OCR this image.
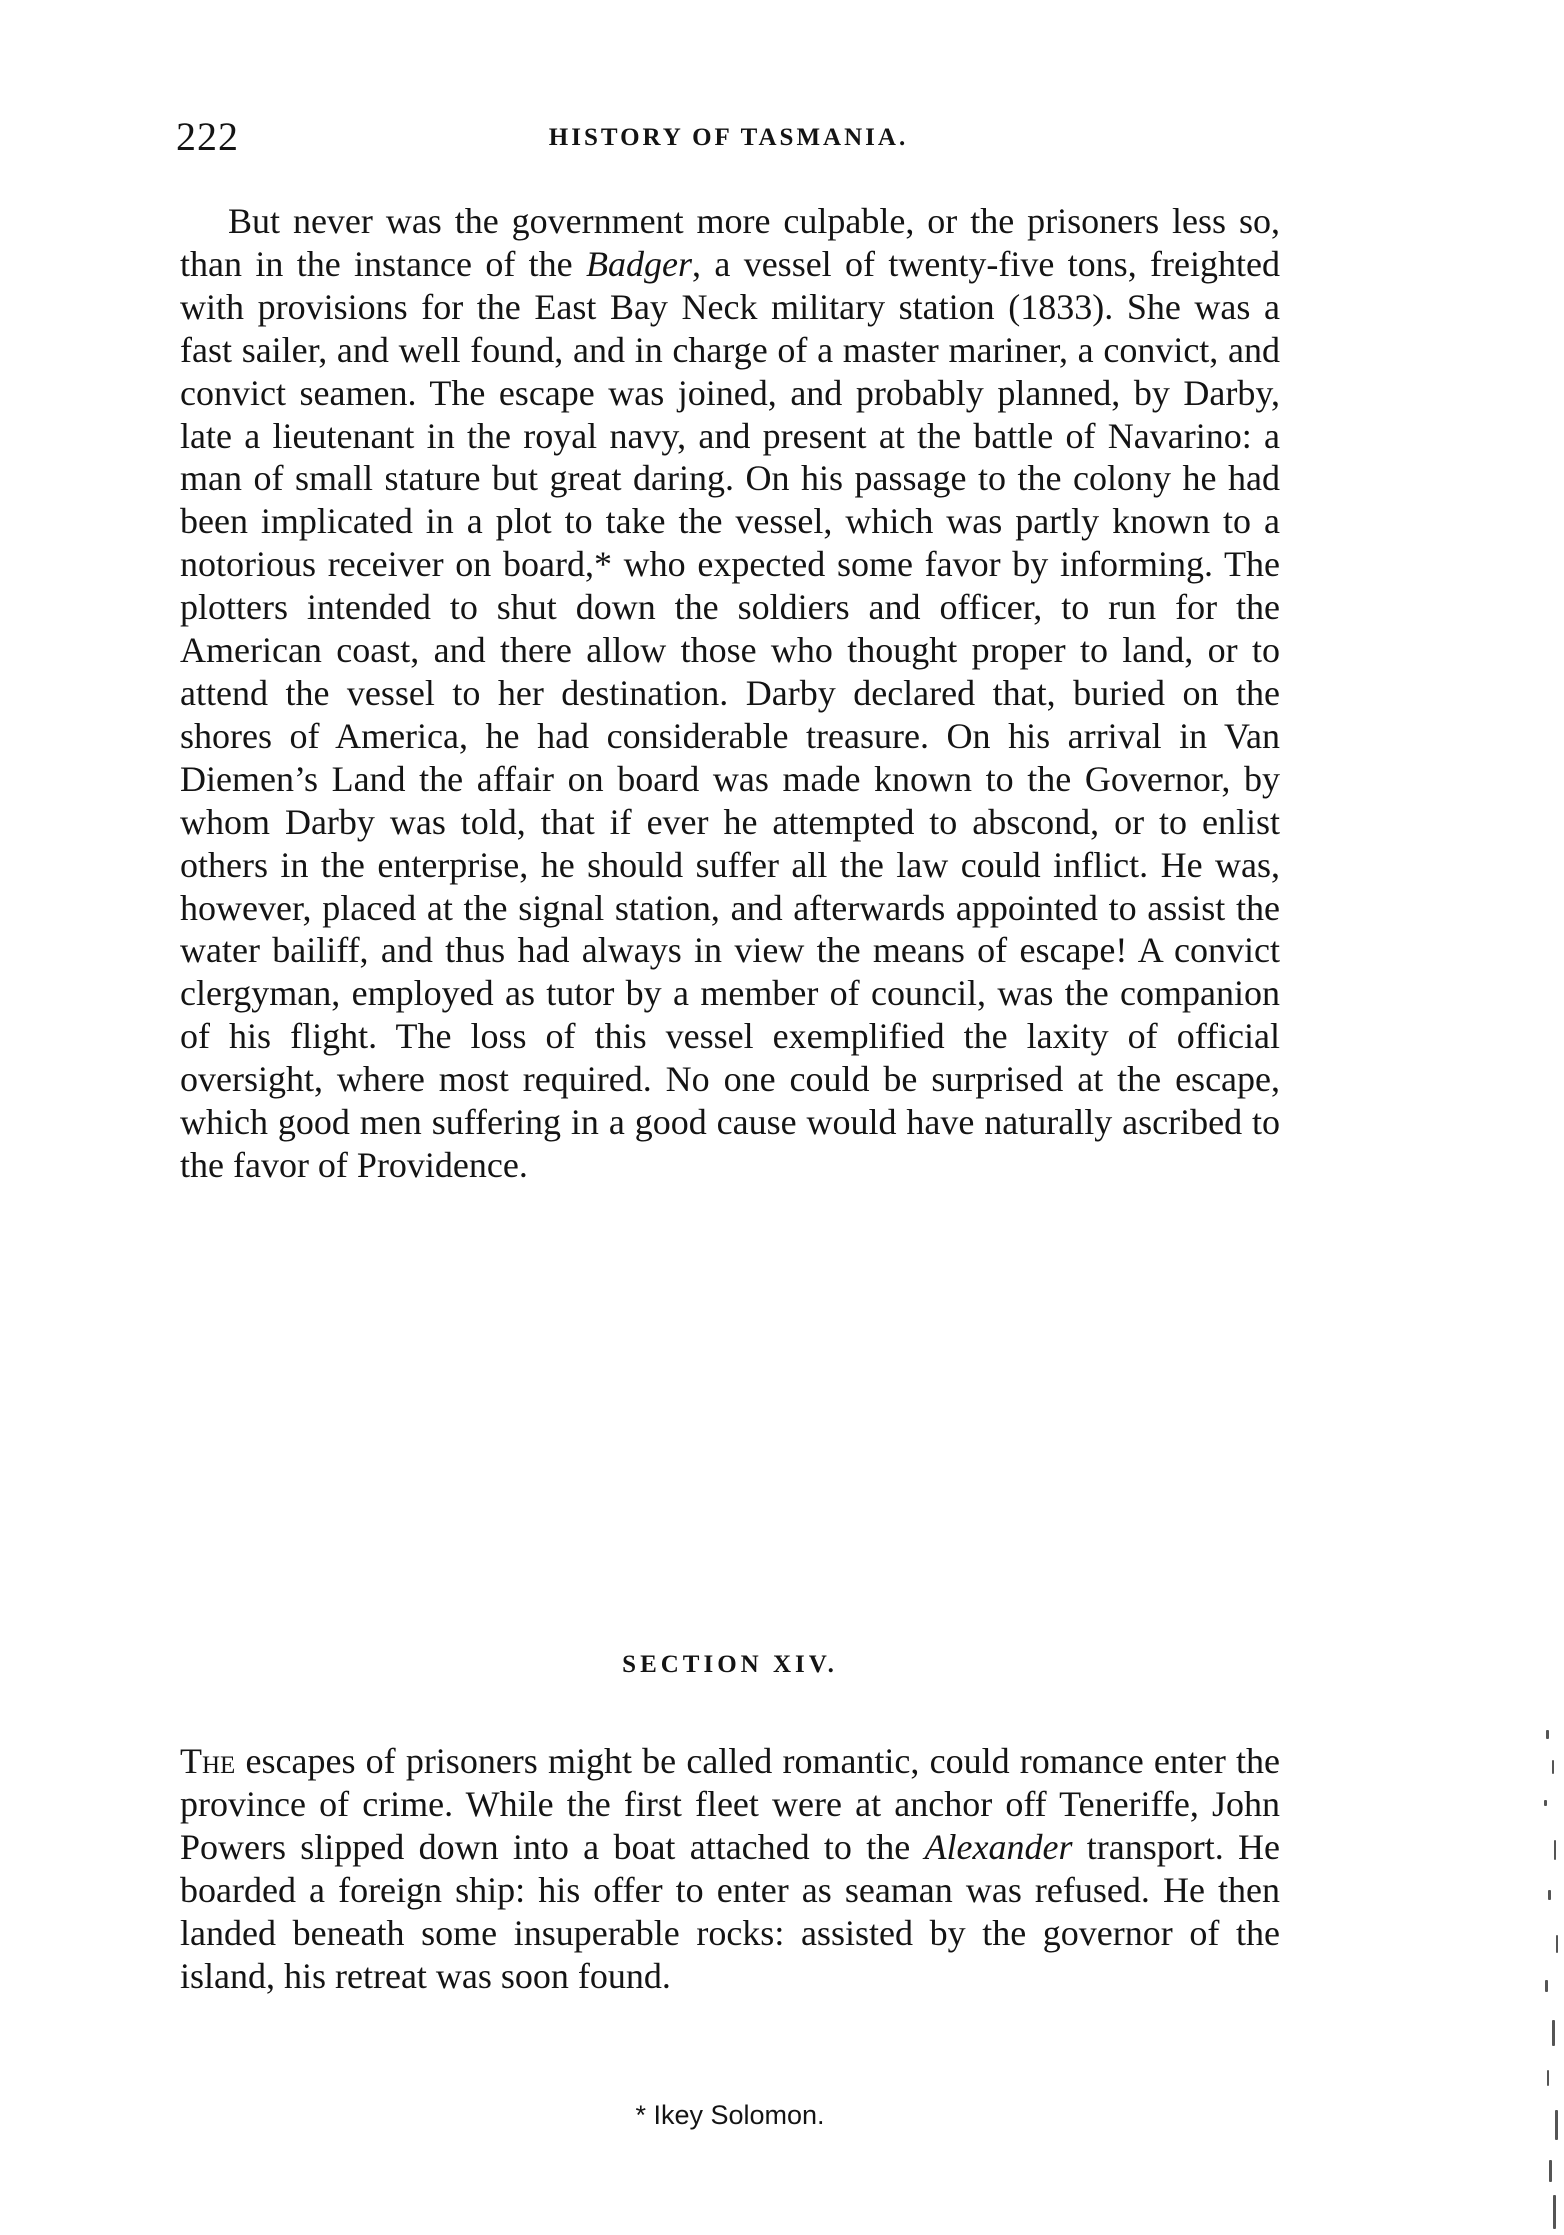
222	HISTORY OF TASMANIA.

But never was the government more culpable, or the prisoners less so, than in the instance of the Badger, a vessel of twenty-five tons, freighted with provisions for the East Bay Neck military station (1833). She was a fast sailer, and well found, and in charge of a master mariner, a convict, and convict seamen. The escape was joined, and probably planned, by Darby, late a lieutenant in the royal navy, and present at the battle of Navarino: a man of small stature but great daring. On his passage to the colony he had been implicated in a plot to take the vessel, which was partly known to a notorious receiver on board,* who expected some favor by informing. The plotters intended to shut down the soldiers and officer, to run for the American coast, and there allow those who thought proper to land, or to attend the vessel to her destination. Darby declared that, buried on the shores of America, he had considerable treasure. On his arrival in Van Diemen’s Land the affair on board was made known to the Governor, by whom Darby was told, that if ever he attempted to abscond, or to enlist others in the enterprise, he should suffer all the law could inflict. He was, however, placed at the signal station, and afterwards appointed to assist the water bailiff, and thus had always in view the means of escape! A convict clergyman, employed as tutor by a member of council, was the companion of his flight. The loss of this vessel exemplified the laxity of official oversight, where most required. No one could be surprised at the escape, which good men suffering in a good cause would have naturally ascribed to the favor of Providence.

SECTION XIV.

The escapes of prisoners might be called romantic, could romance enter the province of crime. While the first fleet were at anchor off Teneriffe, John Powers slipped down into a boat attached to the Alexander transport. He boarded a foreign ship: his offer to enter as seaman was refused. He then landed beneath some insuperable rocks: assisted by the governor of the island, his retreat was soon found.

* Ikey Solomon.
